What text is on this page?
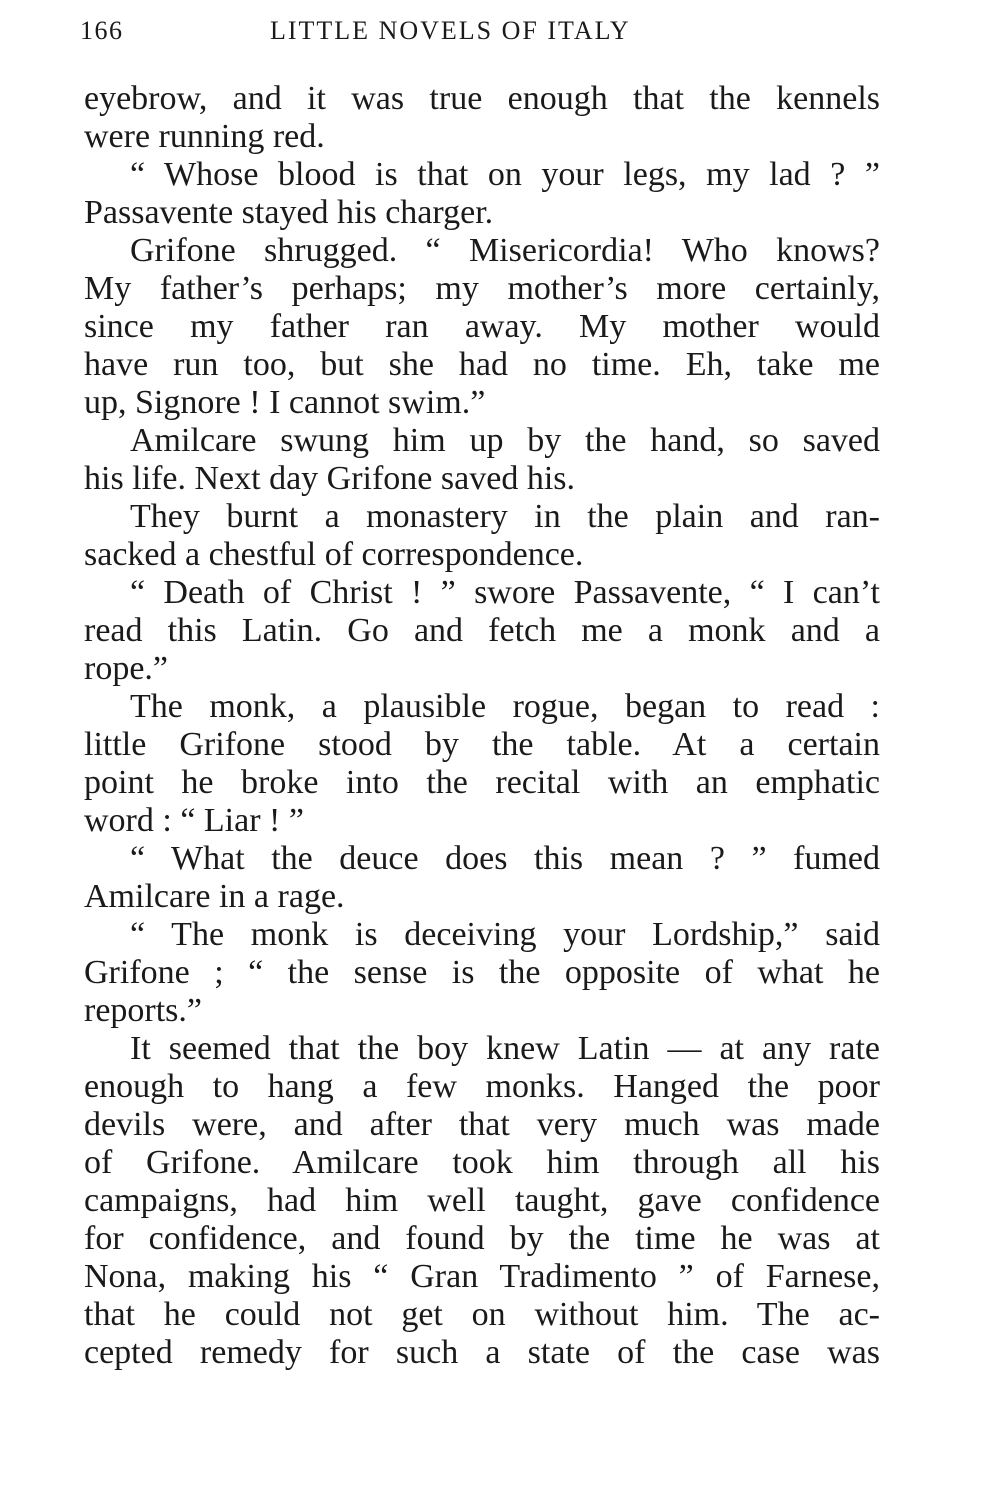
166	LITTLE NOVELS OF ITALY
eyebrow, and it was true enough that the kennels
were running red.
“ Whose blood is that on your legs, my lad ? ”
Passavente stayed his charger.
Grifone shrugged. “ Misericordia! Who knows?
My father’s perhaps; my mother’s more certainly,
since my father ran away. My mother would
have run too, but she had no time. Eh, take me
up, Signore ! I cannot swim.”
Amilcare swung him up by the hand, so saved
his life. Next day Grifone saved his.
They burnt a monastery in the plain and ran-
sacked a chestful of correspondence.
“ Death of Christ ! ” swore Passavente, “ I can’t
read this Latin. Go and fetch me a monk and a
rope.”
The monk, a plausible rogue, began to read :
little Grifone stood by the table. At a certain
point he broke into the recital with an emphatic
word : “ Liar ! ”
“ What the deuce does this mean ? ” fumed
Amilcare in a rage.
“ The monk is deceiving your Lordship,” said
Grifone ; “ the sense is the opposite of what he
reports.”
It seemed that the boy knew Latin — at any rate
enough to hang a few monks. Hanged the poor
devils were, and after that very much was made
of Grifone. Amilcare took him through all his
campaigns, had him well taught, gave confidence
for confidence, and found by the time he was at
Nona, making his “ Gran Tradimento ” of Farnese,
that he could not get on without him. The ac-
cepted remedy for such a state of the case was
